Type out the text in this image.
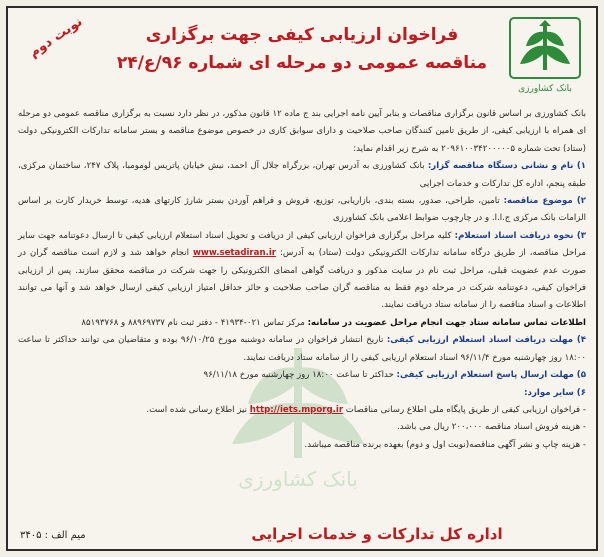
نوبت دوم	فراخوان ارزیابی کیفی جهت برگزاری
مناقصه عمومی دو مرحله ای شماره ۹۶/ع/۲۴
بانک کشاورزی
بانک کشاورزی

بانک کشاورزی بر اساس قانون برگزاری مناقصات و بنابر آیین نامه اجرایی بند ج ماده ۱۲ قانون مذکور، در نظر دارد نسبت به برگزاری مناقصه عمومی دو مرحله ای همراه با ارزیابی کیفی، از طریق تامین کنندگان صاحب صلاحیت و دارای سوابق کاری در خصوص موضوع مناقصه و بستر سامانه تدارکات الکترونیکی دولت (ستاد) تحت شماره ۲۰۹۶۱۰۰۳۴۲۰۰۰۰۰۵ به شرح زیر اقدام نماید:

۱) نام و نشانی دستگاه مناقصه گزار: بانک کشاورزی به آدرس تهران، بزرگراه جلال آل احمد، نبش خیابان پاتریس لومومبا، پلاک ۲۴۷، ساختمان مرکزی، طبقه پنجم، اداره کل تدارکات و خدمات اجرایی

۲) موضوع مناقصه: تامین، طراحی، صدور، بسته بندی، بازاریابی، توزیع، فروش و فراهم آوردن بستر شارژ کارتهای هدیه، توسط خریدار کارت بر اساس الزامات بانک مرکزی ج.ا.ا. و در چارچوب ضوابط اعلامی بانک کشاورزی

۳) نحوه دریافت اسناد استعلام: کلیه مراحل برگزاری فراخوان ارزیابی کیفی از دریافت و تحویل اسناد استعلام ارزیابی کیفی تا ارسال دعوتنامه جهت سایر مراحل مناقصه، از طریق درگاه سامانه تدارکات الکترونیکی دولت (ستاد) به آدرس: www.setadiran.ir انجام خواهد شد و لازم است مناقصه گران در صورت عدم عضویت قبلی، مراحل ثبت نام در سایت مذکور و دریافت گواهی امضای الکترونیکی را جهت شرکت در مناقصه محقق سازند. پس از ارزیابی فراخوان کیفی، دعوتنامه شرکت در مرحله دوم فقط به مناقصه گران صاحب صلاحیت و حائز حداقل امتیاز ارزیابی کیفی ارسال خواهد شد و آنها می توانند اطلاعات و اسناد مناقصه را از سامانه ستاد دریافت نمایند.

اطلاعات تماس سامانه ستاد جهت انجام مراحل عضویت در سامانه: مرکز تماس ۰۲۱-۴۱۹۳۴ - دفتر ثبت نام ۸۸۹۶۹۷۳۷ و ۸۵۱۹۳۷۶۸

۴) مهلت دریافت اسناد استعلام ارزیابی کیفی: تاریخ انتشار فراخوان در سامانه دوشنبه مورخ ۹۶/۱۰/۲۵ بوده و متقاضیان می توانند حداکثر تا ساعت ۱۸:۰۰ روز چهارشنبه مورخ ۹۶/۱۱/۴ اسناد استعلام ارزیابی کیفی را از سامانه ستاد دریافت نمایند.

۵) مهلت ارسال پاسخ استعلام ارزیابی کیفی: حداکثر تا ساعت ۱۸:۰۰ روز چهارشنبه مورخ ۹۶/۱۱/۱۸

۶) سایر موارد:

- فراخوان ارزیابی کیفی از طریق پایگاه ملی اطلاع رسانی مناقصات http://iets.mporg.ir نیز اطلاع رسانی شده است.

- هزینه فروش اسناد مناقصه ۲۰۰،۰۰۰ ریال می باشد.

- هزینه چاپ و نشر آگهی مناقصه(نوبت اول و دوم) بعهده برنده مناقصه میباشد.

اداره کل تدارکات و خدمات اجرایی
میم الف : ۳۴۰۵
